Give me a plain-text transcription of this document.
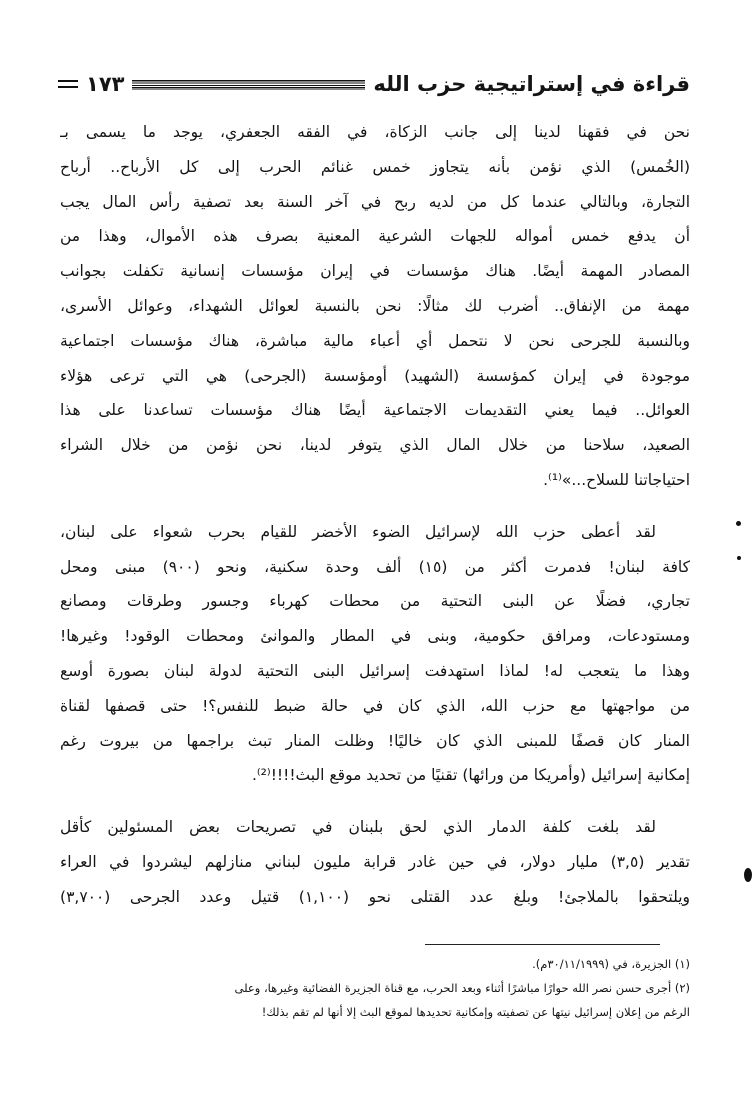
قراءة في إستراتيجية حزب الله
١٧٣
نحن في فقهنا لدينا إلى جانب الزكاة، في الفقه الجعفري، يوجد ما يسمى بـ
(الخُمس) الذي نؤمن بأنه يتجاوز خمس غنائم الحرب إلى كل الأرباح.. أرباح
التجارة، وبالتالي عندما كل من لديه ربح في آخر السنة بعد تصفية رأس المال يجب
أن يدفع خمس أمواله للجهات الشرعية المعنية بصرف هذه الأموال، وهذا من
المصادر المهمة أيضًا. هناك مؤسسات في إيران مؤسسات إنسانية تكفلت بجوانب
مهمة من الإنفاق.. أضرب لك مثالًا: نحن بالنسبة لعوائل الشهداء، وعوائل الأسرى،
وبالنسبة للجرحى نحن لا نتحمل أي أعباء مالية مباشرة، هناك مؤسسات اجتماعية
موجودة في إيران كمؤسسة (الشهيد) أومؤسسة (الجرحى) هي التي ترعى هؤلاء
العوائل.. فيما يعني التقديمات الاجتماعية أيضًا هناك مؤسسات تساعدنا على هذا
الصعيد، سلاحنا من خلال المال الذي يتوفر لدينا، نحن نؤمن من خلال الشراء
احتياجاتنا للسلاح...»⁽¹⁾.
لقد أعطى حزب الله لإسرائيل الضوء الأخضر للقيام بحرب شعواء على لبنان،
كافة لبنان! فدمرت أكثر من (١٥) ألف وحدة سكنية، ونحو (٩٠٠) مبنى ومحل
تجاري، فضلًا عن البنى التحتية من محطات كهرباء وجسور وطرقات ومصانع
ومستودعات، ومرافق حكومية، وبنى في المطار والموانئ ومحطات الوقود! وغيرها!
وهذا ما يتعجب له! لماذا استهدفت إسرائيل البنى التحتية لدولة لبنان بصورة أوسع
من مواجهتها مع حزب الله، الذي كان في حالة ضبط للنفس؟! حتى قصفها لقناة
المنار كان قصفًا للمبنى الذي كان خاليًا! وظلت المنار تبث براجمها من بيروت رغم
إمكانية إسرائيل (وأمريكا من ورائها) تقنيًا من تحديد موقع البث!!!!⁽²⁾.
لقد بلغت كلفة الدمار الذي لحق بلبنان في تصريحات بعض المسئولين كأقل
تقدير (٣,٥) مليار دولار، في حين غادر قرابة مليون لبناني منازلهم ليشردوا في العراء
ويلتحقوا بالملاجئ! وبلغ عدد القتلى نحو (١,١٠٠) قتيل وعدد الجرحى (٣,٧٠٠)
(١) الجزيرة، في (٣٠/١١/١٩٩٩م).
(٢) أجرى حسن نصر الله حوارًا مباشرًا أثناء وبعد الحرب، مع قناة الجزيرة الفضائية وغيرها، وعلى
الرغم من إعلان إسرائيل نيتها عن تصفيته وإمكانية تحديدها لموقع البث إلا أنها لم تقم بذلك!
